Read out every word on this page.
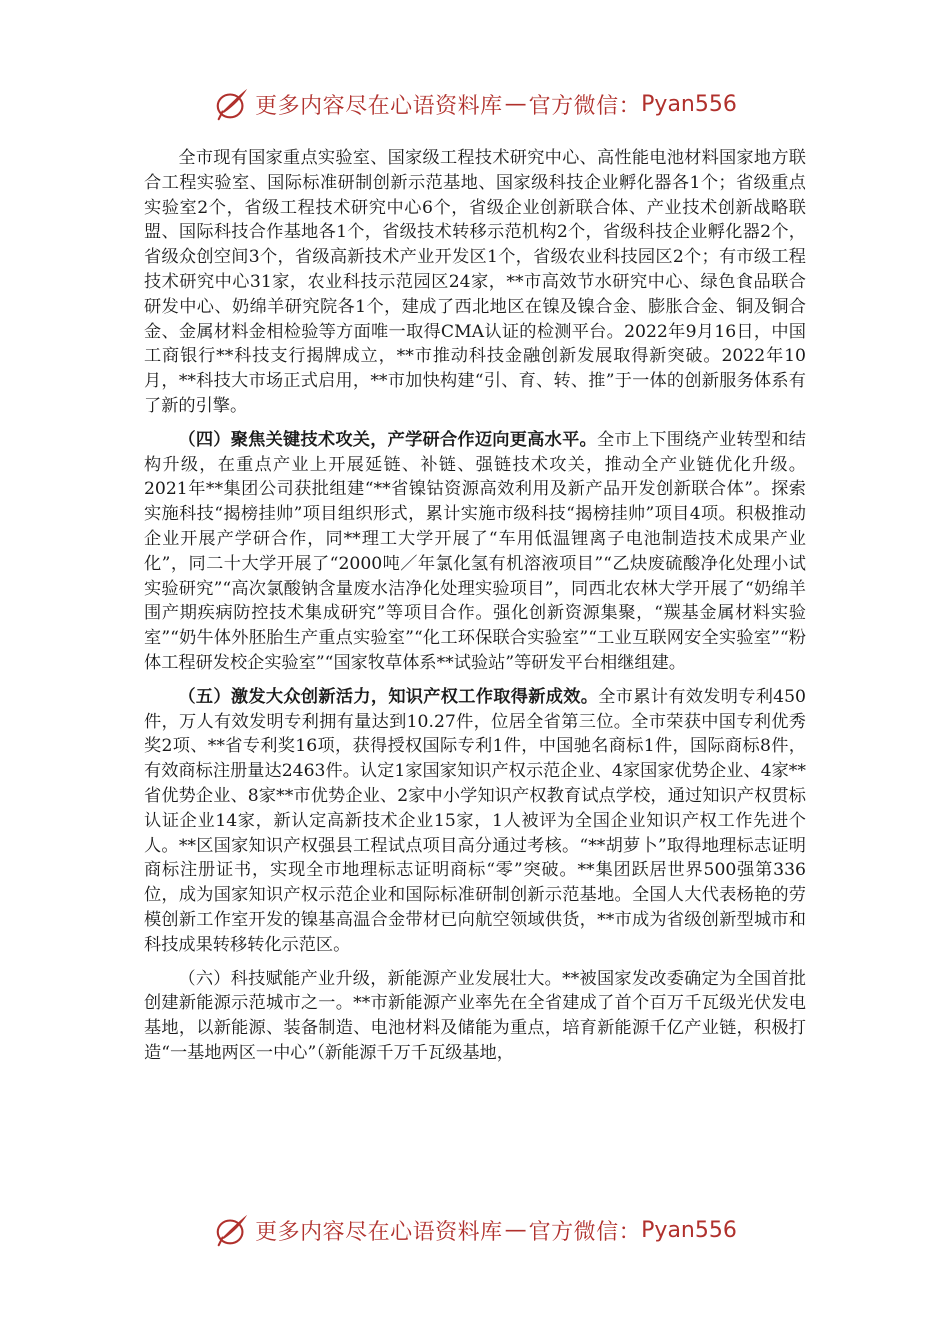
更多内容尽在心语资料库 — 官方微信： Pyan556

全市现有国家重点实验室、国家级工程技术研究中心、高性能电池材料国家地方联合工程实验室、国际标准研制创新示范基地、国家级科技企业孵化器各1个；省级重点实验室2个，省级工程技术研究中心6个，省级企业创新联合体、产业技术创新战略联盟、国际科技合作基地各1个，省级技术转移示范机构2个，省级科技企业孵化器2个，省级众创空间3个，省级高新技术产业开发区1个，省级农业科技园区2个；有市级工程技术研究中心31家，农业科技示范园区24家，**市高效节水研究中心、绿色食品联合研发中心、奶绵羊研究院各1个，建成了西北地区在镍及镍合金、膨胀合金、铜及铜合金、金属材料金相检验等方面唯一取得CMA认证的检测平台。2022年9月16日，中国工商银行**科技支行揭牌成立，**市推动科技金融创新发展取得新突破。2022年10月，**科技大市场正式启用，**市加快构建“引、育、转、推”于一体的创新服务体系有了新的引擎。

（四）聚焦关键技术攻关，产学研合作迈向更高水平。全市上下围绕产业转型和结构升级，在重点产业上开展延链、补链、强链技术攻关，推动全产业链优化升级。2021年**集团公司获批组建“**省镍钴资源高效利用及新产品开发创新联合体”。探索实施科技“揭榜挂帅”项目组织形式，累计实施市级科技“揭榜挂帅”项目4项。积极推动企业开展产学研合作，同**理工大学开展了“车用低温锂离子电池制造技术成果产业化”，同二十大学开展了“2000吨／年氯化氢有机溶液项目”“乙炔废硫酸净化处理小试实验研究”“高次氯酸钠含量废水洁净化处理实验项目”，同西北农林大学开展了“奶绵羊围产期疾病防控技术集成研究”等项目合作。强化创新资源集聚，“羰基金属材料实验室”“奶牛体外胚胎生产重点实验室”“化工环保联合实验室”“工业互联网安全实验室”“粉体工程研发校企实验室”“国家牧草体系**试验站”等研发平台相继组建。

（五）激发大众创新活力，知识产权工作取得新成效。全市累计有效发明专利450件，万人有效发明专利拥有量达到10.27件，位居全省第三位。全市荣获中国专利优秀奖2项、**省专利奖16项，获得授权国际专利1件，中国驰名商标1件，国际商标8件，有效商标注册量达2463件。认定1家国家知识产权示范企业、4家国家优势企业、4家**省优势企业、8家**市优势企业、2家中小学知识产权教育试点学校，通过知识产权贯标认证企业14家，新认定高新技术企业15家，1人被评为全国企业知识产权工作先进个人。**区国家知识产权强县工程试点项目高分通过考核。“**胡萝卜”取得地理标志证明商标注册证书，实现全市地理标志证明商标“零”突破。**集团跃居世界500强第336位，成为国家知识产权示范企业和国际标准研制创新示范基地。全国人大代表杨艳的劳模创新工作室开发的镍基高温合金带材已向航空领域供货，**市成为省级创新型城市和科技成果转移转化示范区。

（六）科技赋能产业升级，新能源产业发展壮大。**被国家发改委确定为全国首批创建新能源示范城市之一。**市新能源产业率先在全省建成了首个百万千瓦级光伏发电基地，以新能源、装备制造、电池材料及储能为重点，培育新能源千亿产业链，积极打造“一基地两区一中心”（新能源千万千瓦级基地，

更多内容尽在心语资料库 — 官方微信： Pyan556
